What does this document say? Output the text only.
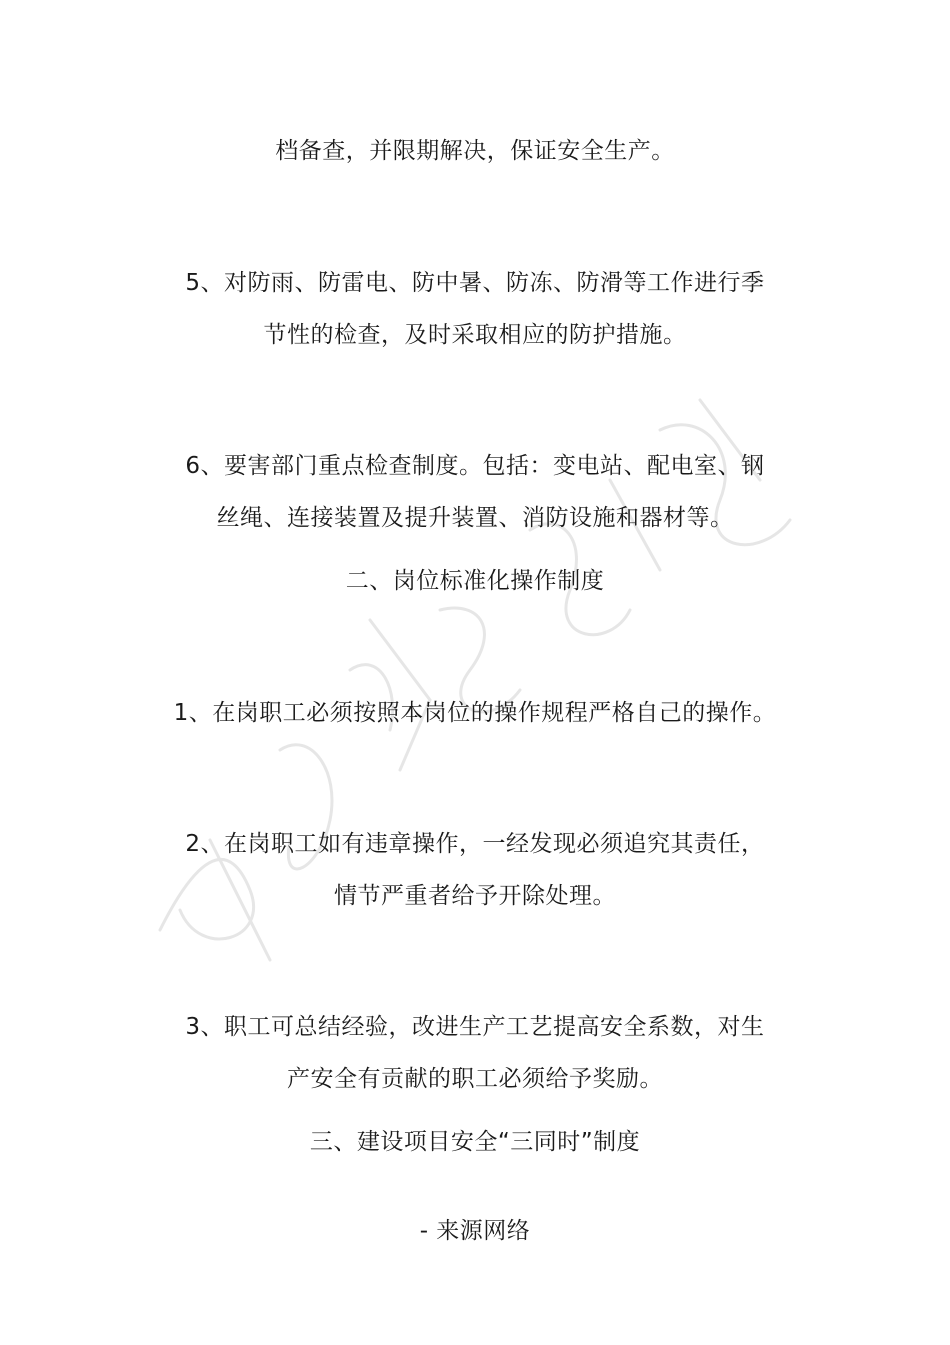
档备查，并限期解决，保证安全生产。
5、对防雨、防雷电、防中暑、防冻、防滑等工作进行季
节性的检查，及时采取相应的防护措施。
6、要害部门重点检查制度。包括：变电站、配电室、钢
丝绳、连接装置及提升装置、消防设施和器材等。
二、岗位标准化操作制度
1、在岗职工必须按照本岗位的操作规程严格自己的操作。
2、在岗职工如有违章操作，一经发现必须追究其责任，
情节严重者给予开除处理。
3、职工可总结经验，改进生产工艺提高安全系数，对生
产安全有贡献的职工必须给予奖励。
三、建设项目安全“三同时”制度
- 来源网络
